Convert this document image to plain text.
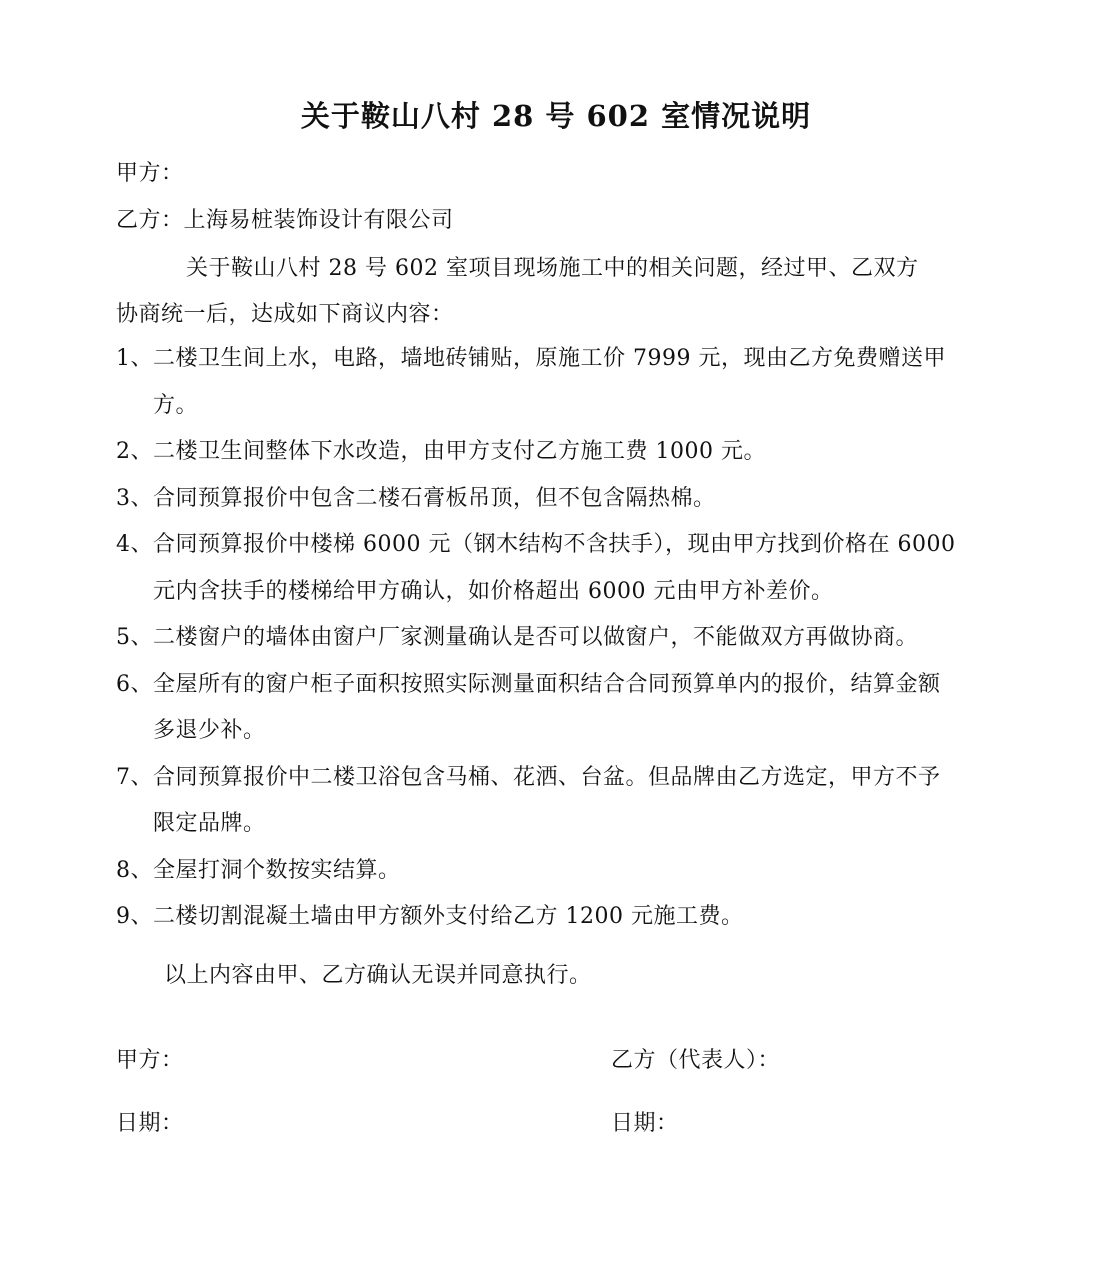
关于鞍山八村 28 号 602 室情况说明
甲方：
乙方：上海易桩装饰设计有限公司
关于鞍山八村 28 号 602 室项目现场施工中的相关问题，经过甲、乙双方
协商统一后，达成如下商议内容：
1、 二楼卫生间上水，电路，墙地砖铺贴，原施工价 7999 元，现由乙方免费赠送甲方。
2、 二楼卫生间整体下水改造，由甲方支付乙方施工费 1000 元。
3、 合同预算报价中包含二楼石膏板吊顶，但不包含隔热棉。
4、 合同预算报价中楼梯 6000 元（钢木结构不含扶手），现由甲方找到价格在 6000 元内含扶手的楼梯给甲方确认，如价格超出 6000 元由甲方补差价。
5、 二楼窗户的墙体由窗户厂家测量确认是否可以做窗户，不能做双方再做协商。
6、 全屋所有的窗户柜子面积按照实际测量面积结合合同预算单内的报价，结算金额多退少补。
7、 合同预算报价中二楼卫浴包含马桶、花洒、台盆。但品牌由乙方选定，甲方不予限定品牌。
8、 全屋打洞个数按实结算。
9、 二楼切割混凝土墙由甲方额外支付给乙方 1200 元施工费。
以上内容由甲、乙方确认无误并同意执行。
甲方：	乙方（代表人）：
日期：	日期：
